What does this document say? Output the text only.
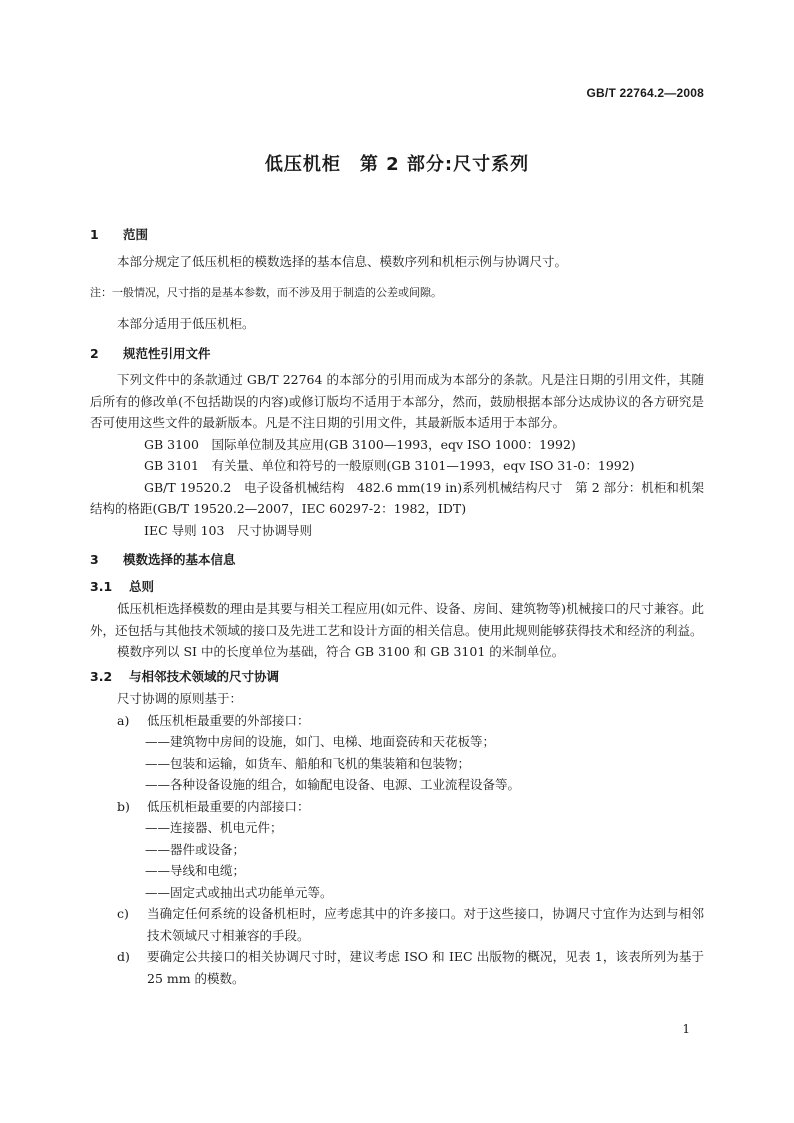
GB/T 22764.2—2008
低压机柜　第 2 部分:尺寸系列
1 范围

本部分规定了低压机柜的模数选择的基本信息、模数序列和机柜示例与协调尺寸。

注：一般情况，尺寸指的是基本参数，而不涉及用于制造的公差或间隙。

本部分适用于低压机柜。

2 规范性引用文件

下列文件中的条款通过 GB/T 22764 的本部分的引用而成为本部分的条款。凡是注日期的引用文件，其随后所有的修改单(不包括勘误的内容)或修订版均不适用于本部分，然而，鼓励根据本部分达成协议的各方研究是否可使用这些文件的最新版本。凡是不注日期的引用文件，其最新版本适用于本部分。

GB 3100　 国际单位制及其应用(GB 3100—1993，eqv ISO 1000：1992)

GB 3101　 有关量、单位和符号的一般原则(GB 3101—1993，eqv ISO 31-0：1992)

GB/T 19520.2　 电子设备机械结构　482.6 mm(19 in)系列机械结构尺寸　第 2 部分：机柜和机架结构的格距(GB/T 19520.2—2007，IEC 60297-2：1982，IDT)

IEC 导则 103　 尺寸协调导则

3 模数选择的基本信息
3.1 总则

低压机柜选择模数的理由是其要与相关工程应用(如元件、设备、房间、建筑物等)机械接口的尺寸兼容。此外，还包括与其他技术领域的接口及先进工艺和设计方面的相关信息。使用此规则能够获得技术和经济的利益。

模数序列以 SI 中的长度单位为基础，符合 GB 3100 和 GB 3101 的米制单位。

3.2 与相邻技术领域的尺寸协调

尺寸协调的原则基于：

a) 低压机柜最重要的外部接口：

——建筑物中房间的设施，如门、电梯、地面瓷砖和天花板等；

——包装和运输，如货车、船舶和飞机的集装箱和包装物；

——各种设备设施的组合，如输配电设备、电源、工业流程设备等。

b) 低压机柜最重要的内部接口：

——连接器、机电元件；

——器件或设备；

——导线和电缆；

——固定式或抽出式功能单元等。

c) 当确定任何系统的设备机柜时，应考虑其中的许多接口。对于这些接口，协调尺寸宜作为达到与相邻技术领域尺寸相兼容的手段。

d) 要确定公共接口的相关协调尺寸时，建议考虑 ISO 和 IEC 出版物的概况，见表 1，该表所列为基于 25 mm 的模数。

1
